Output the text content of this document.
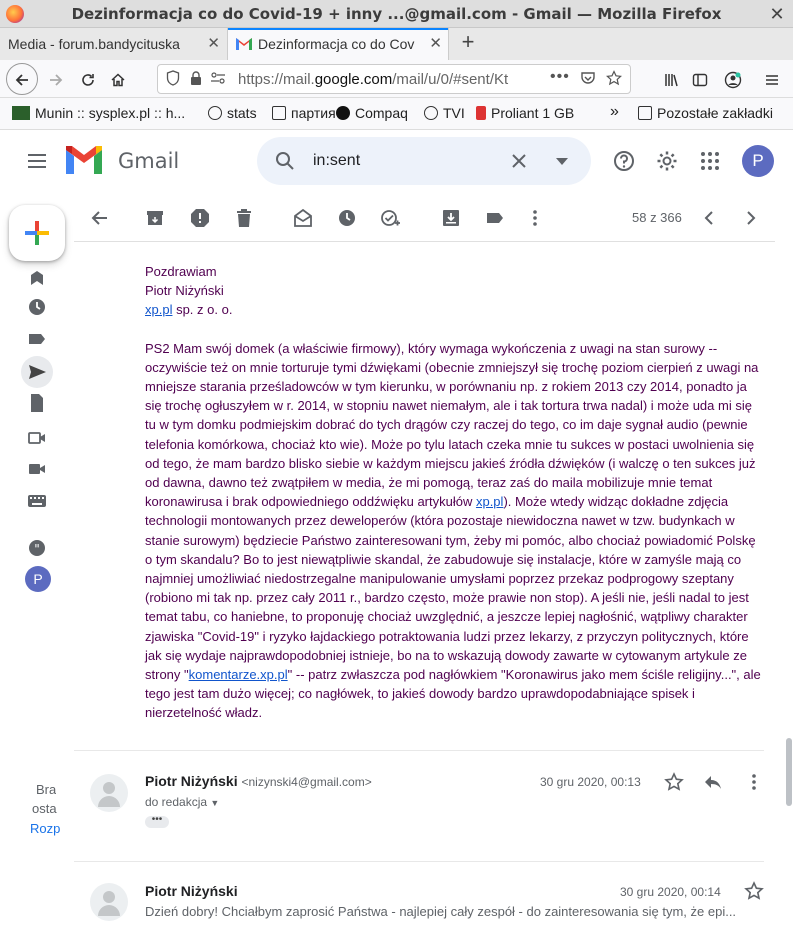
Dezinformacja co do Covid-19 + inny ...@gmail.com - Gmail — Mozilla Firefox	✕
Media - forum.bandycituska	✕	Dezinformacja co do Cov	✕ +
https://mail.google.com/mail/u/0/#sent/Kt	•••
Munin :: sysplex.pl :: h...	stats	партия	Compaq	TVI	Proliant 1 GB »	Pozostałe zakładki
Gmail	in:sent	P
"
P
Bra
osta
Rozp
58 z 366

Pozdrawiam

Piotr Niżyński

xp.pl sp. z o. o.

PS2 Mam swój domek (a właściwie firmowy), który wymaga wykończenia z uwagi na stan surowy -- oczywiście też on mnie torturuje tymi dźwiękami (obecnie zmniejszył się trochę poziom cierpień z uwagi na mniejsze starania prześladowców w tym kierunku, w porównaniu np. z rokiem 2013 czy 2014, ponadto ja się trochę ogłuszyłem w r. 2014, w stopniu nawet niemałym, ale i tak tortura trwa nadal) i może uda mi się tu w tym domku podmiejskim dobrać do tych drągów czy raczej do tego, co im daje sygnał audio (pewnie telefonia komórkowa, chociaż kto wie). Może po tylu latach czeka mnie tu sukces w postaci uwolnienia się od tego, że mam bardzo blisko siebie w każdym miejscu jakieś źródła dźwięków (i walczę o ten sukces już od dawna, dawno też zwątpiłem w media, że mi pomogą, teraz zaś do maila mobilizuje mnie temat koronawirusa i brak odpowiedniego oddźwięku artykułów xp.pl). Może wtedy widząc dokładne zdjęcia technologii montowanych przez deweloperów (która pozostaje niewidoczna nawet w tzw. budynkach w stanie surowym) będziecie Państwo zainteresowani tym, żeby mi pomóc, albo chociaż powiadomić Polskę o tym skandalu? Bo to jest niewątpliwie skandal, że zabudowuje się instalacje, które w zamyśle mają co najmniej umożliwiać niedostrzegalne manipulowanie umysłami poprzez przekaz podprogowy szeptany (robiono mi tak np. przez cały 2011 r., bardzo często, może prawie non stop). A jeśli nie, jeśli nadal to jest temat tabu, co haniebne, to proponuję chociaż uwzględnić, a jeszcze lepiej nagłośnić, wątpliwy charakter zjawiska "Covid-19" i ryzyko łajdackiego potraktowania ludzi przez lekarzy, z przyczyn politycznych, które jak się wydaje najprawdopodobniej istnieje, bo na to wskazują dowody zawarte w cytowanym artykule ze strony "komentarze.xp.pl" -- patrz zwłaszcza pod nagłówkiem "Koronawirus jako mem ściśle religijny...", ale tego jest tam dużo więcej; co nagłówek, to jakieś dowody bardzo uprawdopodabniające spisek i nierzetelność władz.

Piotr Niżyński <nizynski4@gmail.com>	30 gru 2020, 00:13
do redakcja ▼
•••
Piotr Niżyński	30 gru 2020, 00:14
Dzień dobry! Chciałbym zaprosić Państwa - najlepiej cały zespół - do zainteresowania się tym, że epi...
